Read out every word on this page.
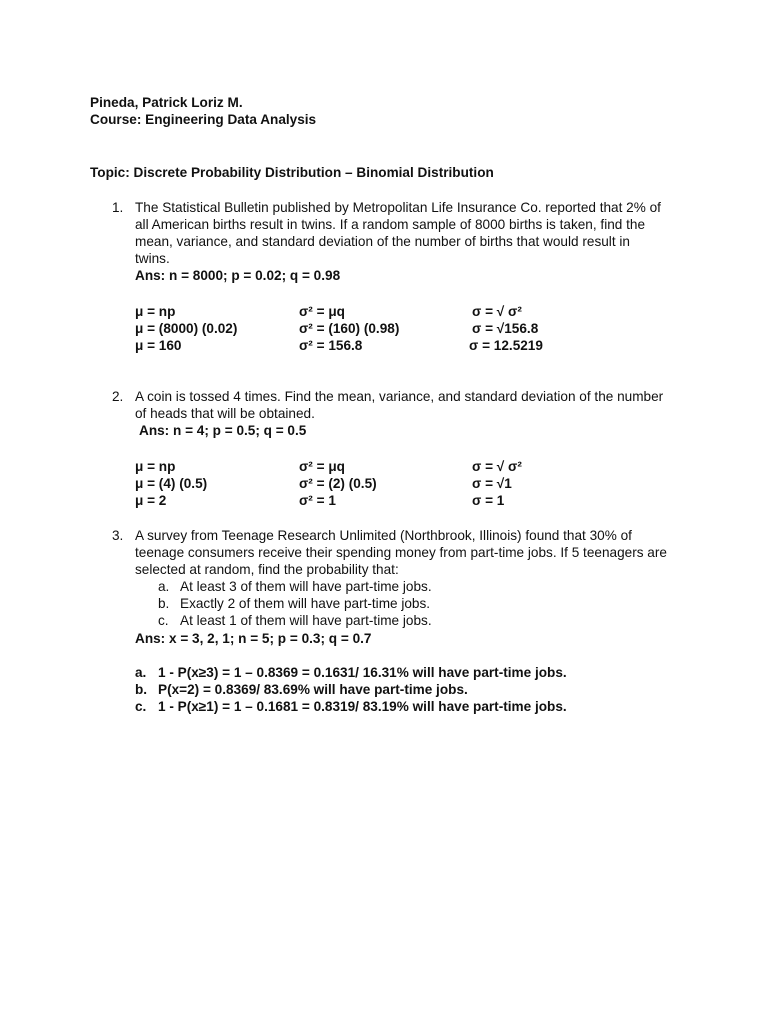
Pineda, Patrick Loriz M.
Course: Engineering Data Analysis
Topic: Discrete Probability Distribution – Binomial Distribution
1. The Statistical Bulletin published by Metropolitan Life Insurance Co. reported that 2% of
all American births result in twins. If a random sample of 8000 births is taken, find the
mean, variance, and standard deviation of the number of births that would result in
twins.
Ans: n = 8000; p = 0.02; q = 0.98
μ = np
μ = (8000) (0.02)
μ = 160
σ² = μq
σ² = (160) (0.98)
σ² = 156.8
σ = √ σ²
σ = √156.8
σ = 12.5219
2. A coin is tossed 4 times. Find the mean, variance, and standard deviation of the number
of heads that will be obtained.
Ans: n = 4; p = 0.5; q = 0.5
μ = np
μ = (4) (0.5)
μ = 2
σ² = μq
σ² = (2) (0.5)
σ² = 1
σ = √ σ²
σ = √1
σ = 1
3. A survey from Teenage Research Unlimited (Northbrook, Illinois) found that 30% of
teenage consumers receive their spending money from part-time jobs. If 5 teenagers are
selected at random, find the probability that:
a. At least 3 of them will have part-time jobs.
b. Exactly 2 of them will have part-time jobs.
c. At least 1 of them will have part-time jobs.
Ans: x = 3, 2, 1; n = 5; p = 0.3; q = 0.7
a. 1 - P(x≥3) = 1 – 0.8369 = 0.1631/ 16.31% will have part-time jobs.
b. P(x=2) = 0.8369/ 83.69% will have part-time jobs.
c. 1 - P(x≥1) = 1 – 0.1681 = 0.8319/ 83.19% will have part-time jobs.
